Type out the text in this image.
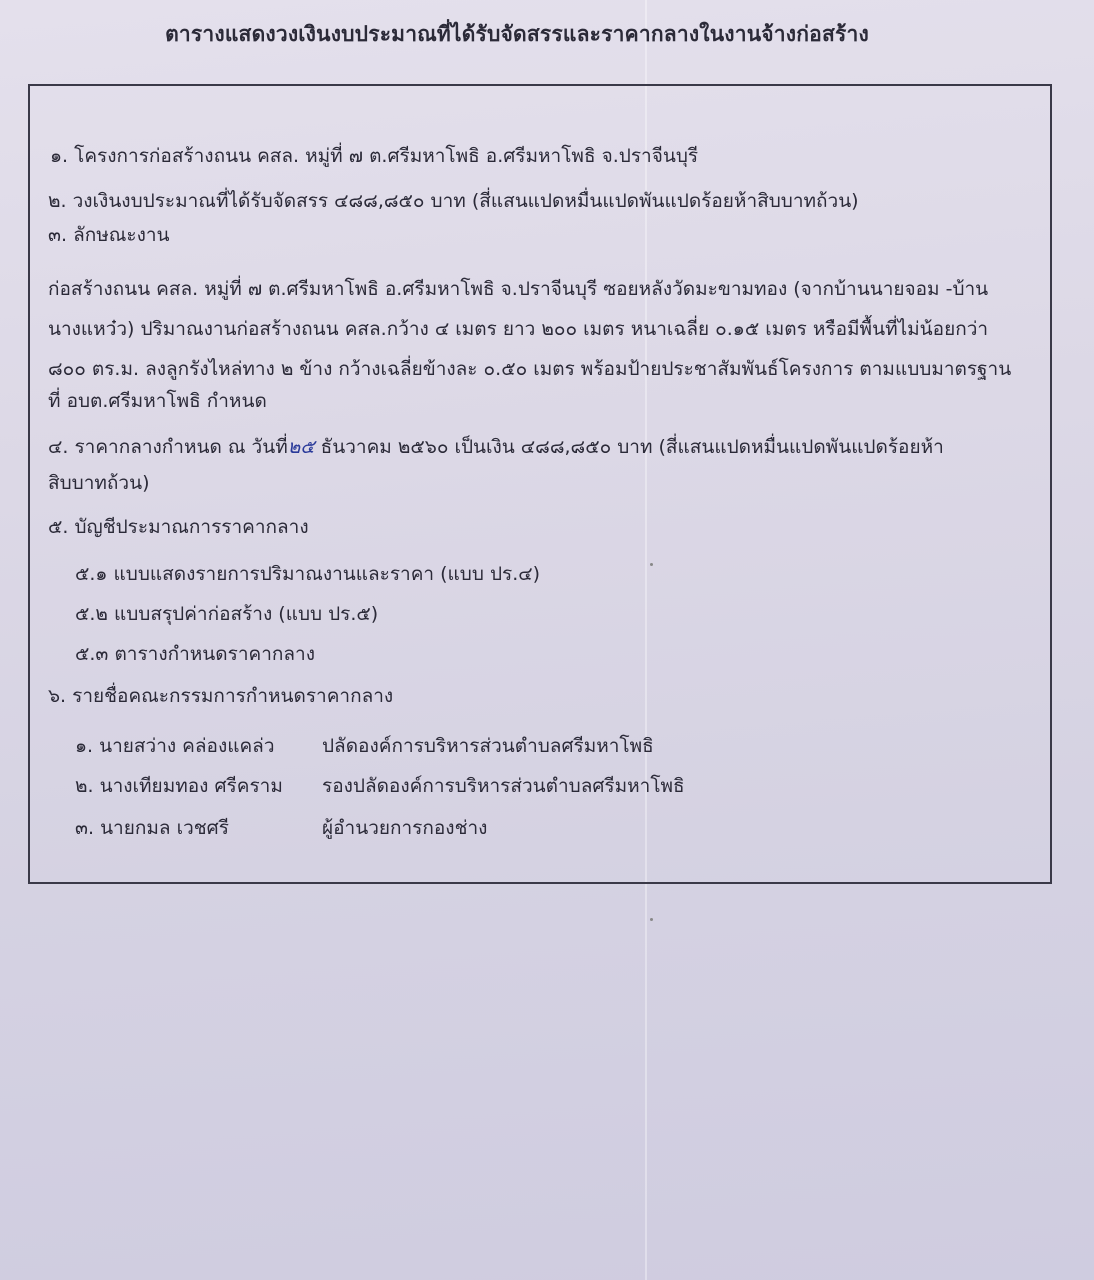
ตารางแสดงวงเงินงบประมาณที่ได้รับจัดสรรและราคากลางในงานจ้างก่อสร้าง
๑. โครงการก่อสร้างถนน คสล. หมู่ที่ ๗ ต.ศรีมหาโพธิ อ.ศรีมหาโพธิ จ.ปราจีนบุรี
๒. วงเงินงบประมาณที่ได้รับจัดสรร ๔๘๘,๘๕๐ บาท (สี่แสนแปดหมื่นแปดพันแปดร้อยห้าสิบบาทถ้วน)
๓. ลักษณะงาน
ก่อสร้างถนน คสล. หมู่ที่ ๗ ต.ศรีมหาโพธิ อ.ศรีมหาโพธิ จ.ปราจีนบุรี ซอยหลังวัดมะขามทอง (จากบ้านนายจอม -บ้าน
นางแหว๋ว) ปริมาณงานก่อสร้างถนน คสล.กว้าง ๔ เมตร ยาว ๒๐๐ เมตร หนาเฉลี่ย ๐.๑๕ เมตร หรือมีพื้นที่ไม่น้อยกว่า
๘๐๐ ตร.ม. ลงลูกรังไหล่ทาง ๒ ข้าง กว้างเฉลี่ยข้างละ ๐.๕๐ เมตร พร้อมป้ายประชาสัมพันธ์โครงการ ตามแบบมาตรฐาน
ที่ อบต.ศรีมหาโพธิ กำหนด
๔. ราคากลางกำหนด ณ วันที่๒๕ ธันวาคม ๒๕๖๐ เป็นเงิน ๔๘๘,๘๕๐ บาท (สี่แสนแปดหมื่นแปดพันแปดร้อยห้า
สิบบาทถ้วน)
๕. บัญชีประมาณการราคากลาง
๕.๑ แบบแสดงรายการปริมาณงานและราคา (แบบ ปร.๔)
๕.๒ แบบสรุปค่าก่อสร้าง (แบบ ปร.๕)
๕.๓ ตารางกำหนดราคากลาง
๖. รายชื่อคณะกรรมการกำหนดราคากลาง
๑. นายสว่าง คล่องแคล่ว	ปลัดองค์การบริหารส่วนตำบลศรีมหาโพธิ
๒. นางเทียมทอง ศรีคราม รองปลัดองค์การบริหารส่วนตำบลศรีมหาโพธิ
๓. นายกมล เวชศรี	ผู้อำนวยการกองช่าง
